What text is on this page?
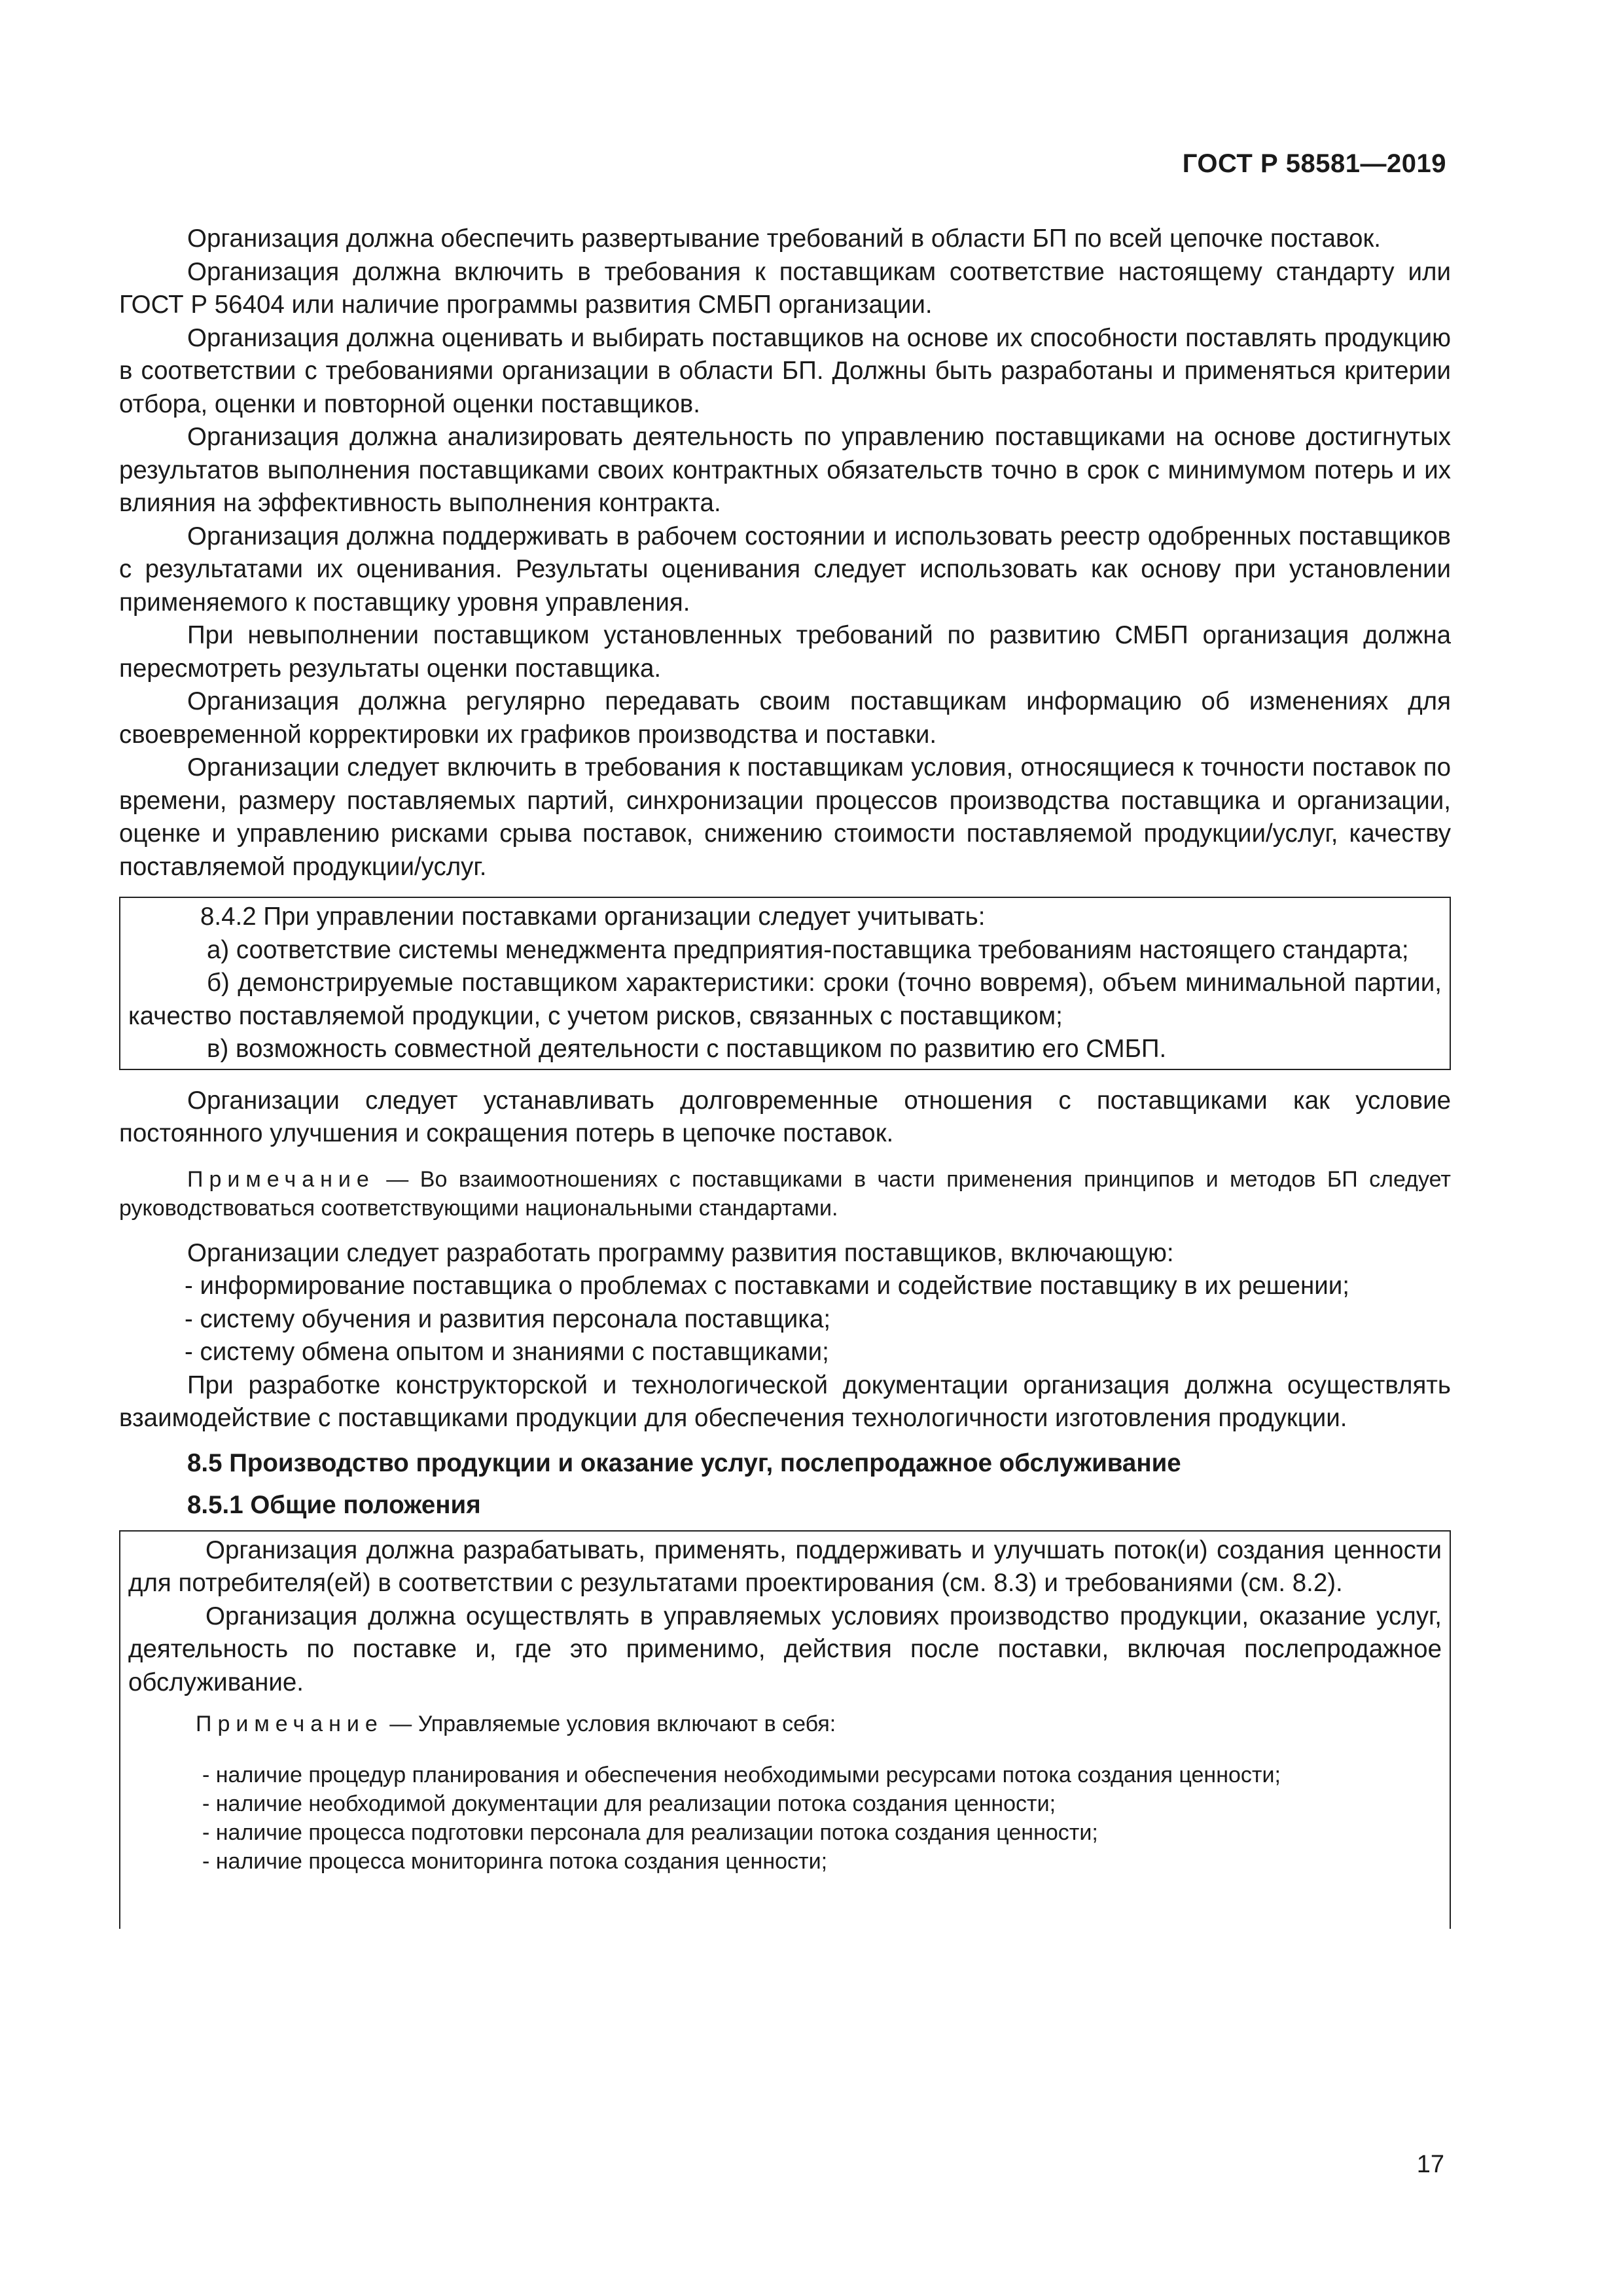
ГОСТ Р 58581—2019

Организация должна обеспечить развертывание требований в области БП по всей цепочке поставок.

Организация должна включить в требования к поставщикам соответствие настоящему стандарту или ГОСТ Р 56404 или наличие программы развития СМБП организации.

Организация должна оценивать и выбирать поставщиков на основе их способности поставлять продукцию в соответствии с требованиями организации в области БП. Должны быть разработаны и применяться критерии отбора, оценки и повторной оценки поставщиков.

Организация должна анализировать деятельность по управлению поставщиками на основе достигнутых результатов выполнения поставщиками своих контрактных обязательств точно в срок с минимумом потерь и их влияния на эффективность выполнения контракта.

Организация должна поддерживать в рабочем состоянии и использовать реестр одобренных поставщиков с результатами их оценивания. Результаты оценивания следует использовать как основу при установлении применяемого к поставщику уровня управления.

При невыполнении поставщиком установленных требований по развитию СМБП организация должна пересмотреть результаты оценки поставщика.

Организация должна регулярно передавать своим поставщикам информацию об изменениях для своевременной корректировки их графиков производства и поставки.

Организации следует включить в требования к поставщикам условия, относящиеся к точности поставок по времени, размеру поставляемых партий, синхронизации процессов производства поставщика и организации, оценке и управлению рисками срыва поставок, снижению стоимости поставляемой продукции/услуг, качеству поставляемой продукции/услуг.

8.4.2 При управлении поставками организации следует учитывать:

а) соответствие системы менеджмента предприятия-поставщика требованиям настоящего стандарта;

б) демонстрируемые поставщиком характеристики: сроки (точно вовремя), объем минимальной партии, качество поставляемой продукции, с учетом рисков, связанных с поставщиком;

в) возможность совместной деятельности с поставщиком по развитию его СМБП.

Организации следует устанавливать долговременные отношения с поставщиками как условие постоянного улучшения и сокращения потерь в цепочке поставок.

Примечание — Во взаимоотношениях с поставщиками в части применения принципов и методов БП следует руководствоваться соответствующими национальными стандартами.

Организации следует разработать программу развития поставщиков, включающую:

- информирование поставщика о проблемах с поставками и содействие поставщику в их решении;

- систему обучения и развития персонала поставщика;

- систему обмена опытом и знаниями с поставщиками;

При разработке конструкторской и технологической документации организация должна осуществлять взаимодействие с поставщиками продукции для обеспечения технологичности изготовления продукции.

8.5 Производство продукции и оказание услуг, послепродажное обслуживание

8.5.1 Общие положения

Организация должна разрабатывать, применять, поддерживать и улучшать поток(и) создания ценности для потребителя(ей) в соответствии с результатами проектирования (см. 8.3) и требованиями (см. 8.2).

Организация должна осуществлять в управляемых условиях производство продукции, оказание услуг, деятельность по поставке и, где это применимо, действия после поставки, включая послепродажное обслуживание.

Примечание — Управляемые условия включают в себя:

- наличие процедур планирования и обеспечения необходимыми ресурсами потока создания ценности;

- наличие необходимой документации для реализации потока создания ценности;

- наличие процесса подготовки персонала для реализации потока создания ценности;

- наличие процесса мониторинга потока создания ценности;

17
